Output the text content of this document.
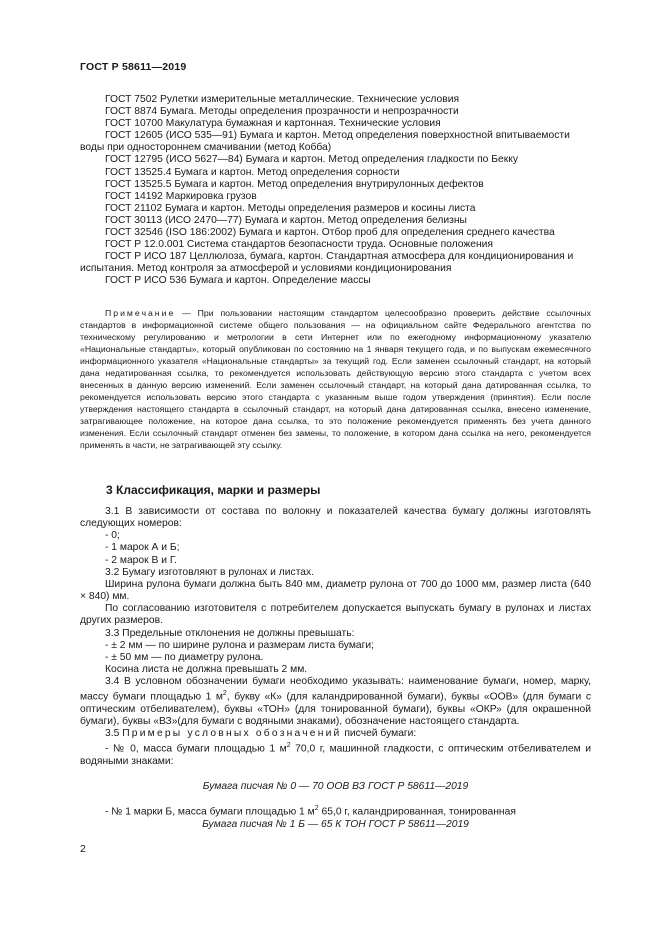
ГОСТ Р 58611—2019

ГОСТ 7502 Рулетки измерительные металлические. Технические условия

ГОСТ 8874 Бумага. Методы определения прозрачности и непрозрачности

ГОСТ 10700 Макулатура бумажная и картонная. Технические условия

ГОСТ 12605 (ИСО 535—91) Бумага и картон. Метод определения поверхностной впитываемости воды при одностороннем смачивании (метод Кобба)

ГОСТ 12795 (ИСО 5627—84) Бумага и картон. Метод определения гладкости по Бекку

ГОСТ 13525.4 Бумага и картон. Метод определения сорности

ГОСТ 13525.5 Бумага и картон. Метод определения внутрирулонных дефектов

ГОСТ 14192 Маркировка грузов

ГОСТ 21102 Бумага и картон. Методы определения размеров и косины листа

ГОСТ 30113 (ИСО 2470—77) Бумага и картон. Метод определения белизны

ГОСТ 32546 (ISO 186:2002) Бумага и картон. Отбор проб для определения среднего качества

ГОСТ Р 12.0.001 Система стандартов безопасности труда. Основные положения

ГОСТ Р ИСО 187 Целлюлоза, бумага, картон. Стандартная атмосфера для кондиционирования и испытания. Метод контроля за атмосферой и условиями кондиционирования

ГОСТ Р ИСО 536 Бумага и картон. Определение массы

Примечание — При пользовании настоящим стандартом целесообразно проверить действие ссылочных стандартов в информационной системе общего пользования — на официальном сайте Федерального агентства по техническому регулированию и метрологии в сети Интернет или по ежегодному информационному указателю «Национальные стандарты», который опубликован по состоянию на 1 января текущего года, и по выпускам ежемесячного информационного указателя «Национальные стандарты» за текущий год. Если заменен ссылочный стандарт, на который дана недатированная ссылка, то рекомендуется использовать действующую версию этого стандарта с учетом всех внесенных в данную версию изменений. Если заменен ссылочный стандарт, на который дана датированная ссылка, то рекомендуется использовать версию этого стандарта с указанным выше годом утверждения (принятия). Если после утверждения настоящего стандарта в ссылочный стандарт, на который дана датированная ссылка, внесено изменение, затрагивающее положение, на которое дана ссылка, то это положение рекомендуется применять без учета данного изменения. Если ссылочный стандарт отменен без замены, то положение, в котором дана ссылка на него, рекомендуется применять в части, не затрагивающей эту ссылку.

3 Классификация, марки и размеры

3.1 В зависимости от состава по волокну и показателей качества бумагу должны изготовлять следующих номеров:

- 0;

- 1 марок А и Б;

- 2 марок В и Г.

3.2 Бумагу изготовляют в рулонах и листах.

Ширина рулона бумаги должна быть 840 мм, диаметр рулона от 700 до 1000 мм, размер листа (640 × 840) мм.

По согласованию изготовителя с потребителем допускается выпускать бумагу в рулонах и листах других размеров.

3.3 Предельные отклонения не должны превышать:

- ± 2 мм — по ширине рулона и размерам листа бумаги;

- ± 50 мм — по диаметру рулона.

Косина листа не должна превышать 2 мм.

3.4 В условном обозначении бумаги необходимо указывать: наименование бумаги, номер, марку, массу бумаги площадью 1 $м^2$, букву «К» (для каландрированной бумаги), буквы «ООВ» (для бумаги с оптическим отбеливателем), буквы «ТОН» (для тонированной бумаги), буквы «ОКР» (для окрашенной бумаги), буквы «ВЗ»(для бумаги с водяными знаками), обозначение настоящего стандарта.

3.5 Примеры условных обозначений писчей бумаги:

- № 0, масса бумаги площадью 1 $м^2$ 70,0 г, машинной гладкости, с оптическим отбеливателем и водяными знаками:

Бумага писчая № 0 — 70 ООВ ВЗ ГОСТ Р 58611—2019

- № 1 марки Б, масса бумаги площадью 1 $м^2$ 65,0 г, каландрированная, тонированная

Бумага писчая № 1 Б — 65 К ТОН ГОСТ Р 58611—2019

2
